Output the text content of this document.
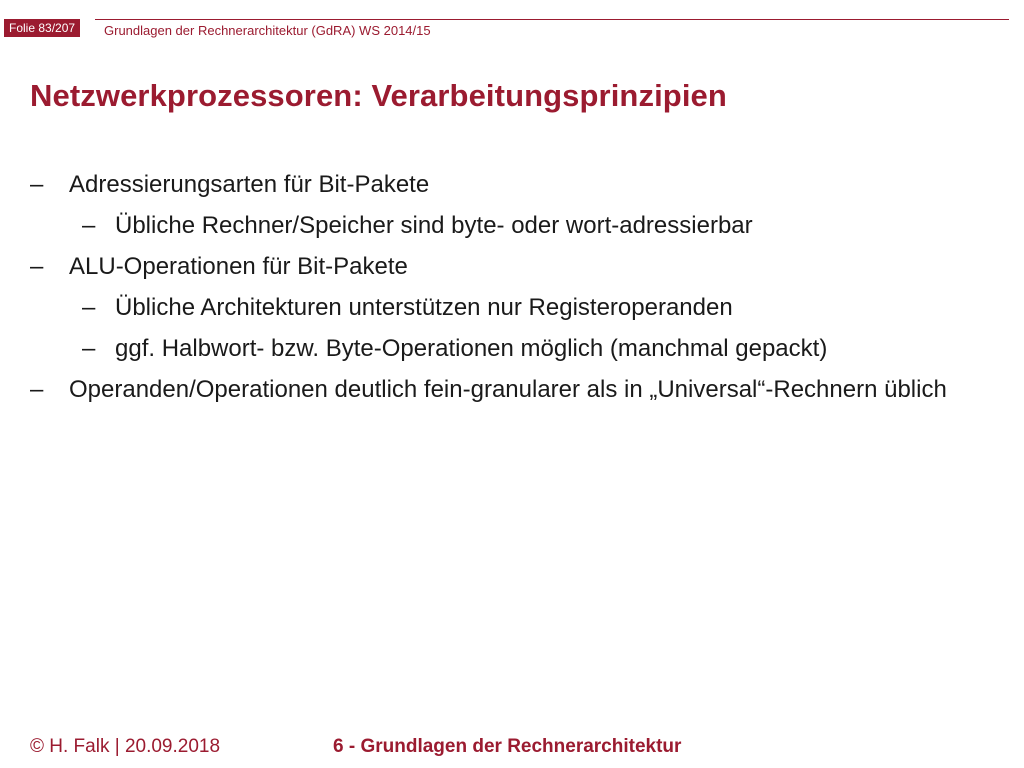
Folie 83/207	Grundlagen der Rechnerarchitektur (GdRA) WS 2014/15
Netzwerkprozessoren: Verarbeitungsprinzipien
– Adressierungsarten für Bit-Pakete
– Übliche Rechner/Speicher sind byte- oder wort-adressierbar
– ALU-Operationen für Bit-Pakete
– Übliche Architekturen unterstützen nur Registeroperanden
– ggf. Halbwort- bzw. Byte-Operationen möglich (manchmal gepackt)
– Operanden/Operationen deutlich fein-granularer als in „Universal“-Rechnern üblich
© H. Falk | 20.09.2018	6 - Grundlagen der Rechnerarchitektur
